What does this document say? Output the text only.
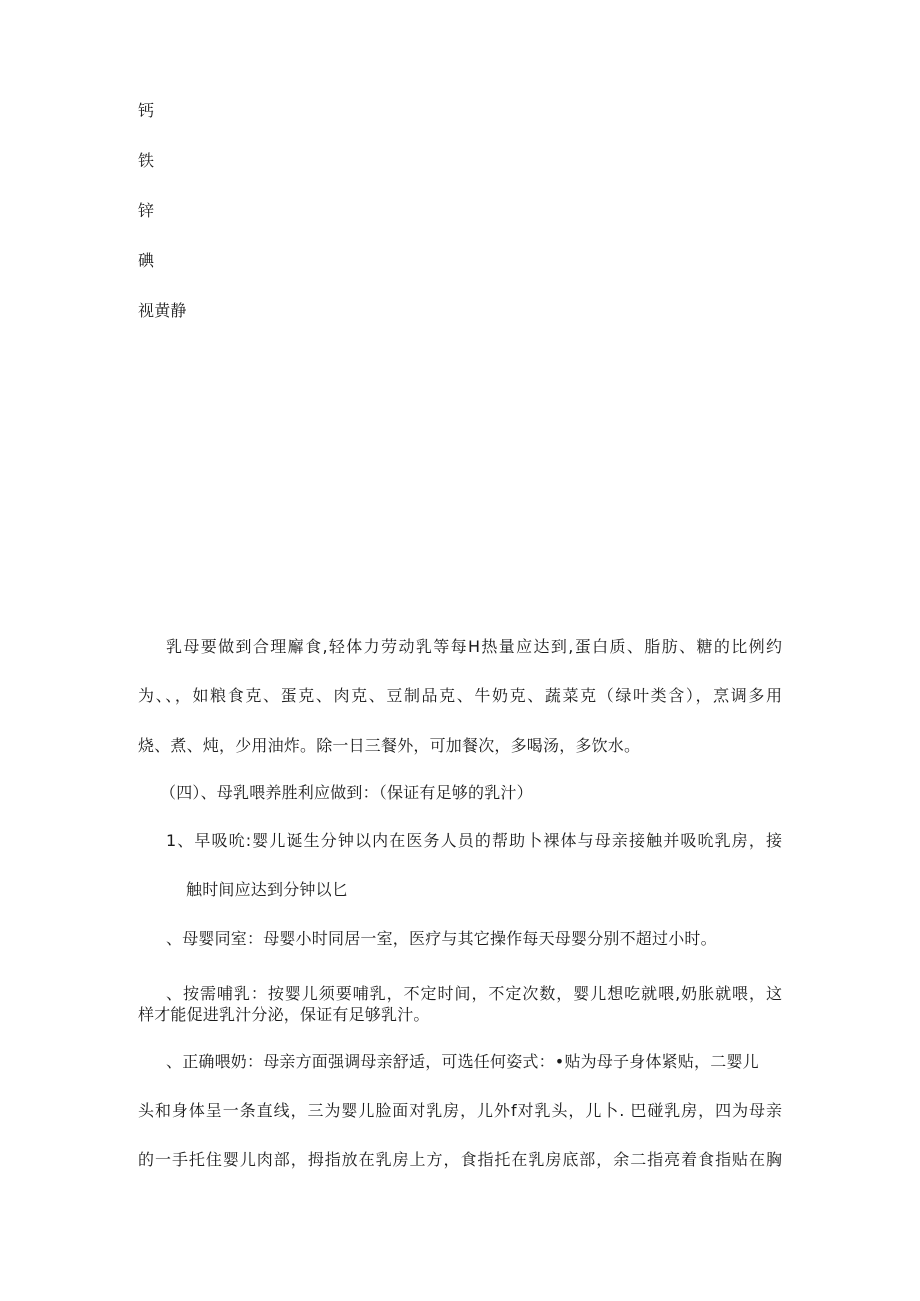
钙
铁
锌
碘
视黄静
乳母要做到合理廨食,轻体力劳动乳等每H热量应达到,蛋白质、脂肪、糖的比例约
为、、，如粮食克、蛋克、肉克、豆制品克、牛奶克、蔬菜克（绿叶类含），烹调多用
烧、煮、炖，少用油炸。除一日三餐外，可加餐次，多喝汤，多饮水。
（四）、母乳喂养胜利应做到：（保证有足够的乳汁）
1、早吸吮:婴儿诞生分钟以内在医务人员的帮助卜裸体与母亲接触并吸吮乳房，接
触时间应达到分钟以匕
、母婴同室：母婴小时同居一室，医疗与其它操作每天母婴分别不超过小时。
、按需哺乳：按婴儿须要哺乳，不定时间，不定次数，婴儿想吃就喂,奶胀就喂，这
样才能促进乳汁分泌，保证有足够乳汁。
、正确喂奶：母亲方面强调母亲舒适，可选任何姿式：•贴为母子身体紧贴，二婴儿
头和身体呈一条直线，三为婴儿脸面对乳房，儿外f对乳头，儿卜. 巴碰乳房，四为母亲
的一手托住婴儿肉部，拇指放在乳房上方，食指托在乳房底部，余二指亮着食指贴在胸
